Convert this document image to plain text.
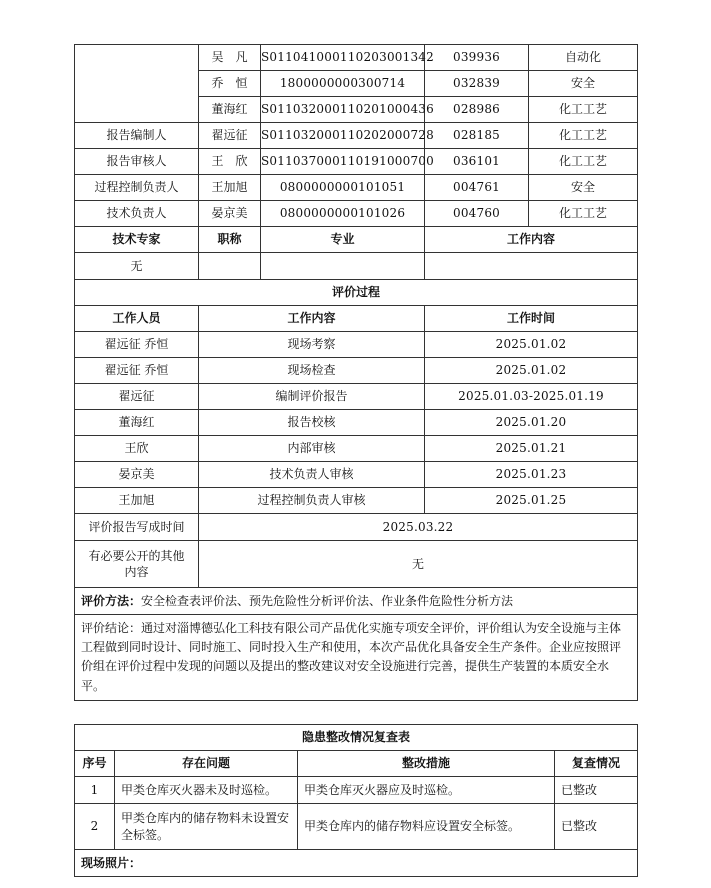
	吴　凡	S011041000110203001342	039936	自动化
	乔　恒	1800000000300714	032839	安全
	董海红	S011032000110201000436	028986	化工工艺
报告编制人	翟远征	S011032000110202000728	028185	化工工艺
报告审核人	王　欣	S011037000110191000700	036101	化工工艺
过程控制负责人	王加旭	0800000000101051	004761	安全
技术负责人	晏京美	0800000000101026	004760	化工工艺
技术专家	职称	专业	工作内容	
无				
评价过程				
工作人员	工作内容		工作时间	
翟远征 乔恒	现场考察		2025.01.02	
翟远征 乔恒	现场检查		2025.01.02	
翟远征	编制评价报告		2025.01.03-2025.01.19	
董海红	报告校核		2025.01.20	
王欣	内部审核		2025.01.21	
晏京美	技术负责人审核		2025.01.23	
王加旭	过程控制负责人审核		2025.01.25	
评价报告写成时间	2025.03.22			
有必要公开的其他内容	无			
评价方法：安全检查表评价法、预先危险性分析评价法、作业条件危险性分析方法				
评价结论：通过对淄博德弘化工科技有限公司产品优化实施专项安全评价，评价组认为安全设施与主体工程做到同时设计、同时施工、同时投入生产和使用，本次产品优化具备安全生产条件。企业应按照评价组在评价过程中发现的问题以及提出的整改建议对安全设施进行完善，提供生产装置的本质安全水平。				
隐患整改情况复查表			
序号	存在问题	整改措施	复查情况
1	甲类仓库灭火器未及时巡检。	甲类仓库灭火器应及时巡检。	已整改
2	甲类仓库内的储存物料未设置安全标签。	甲类仓库内的储存物料应设置安全标签。	已整改
现场照片：			
